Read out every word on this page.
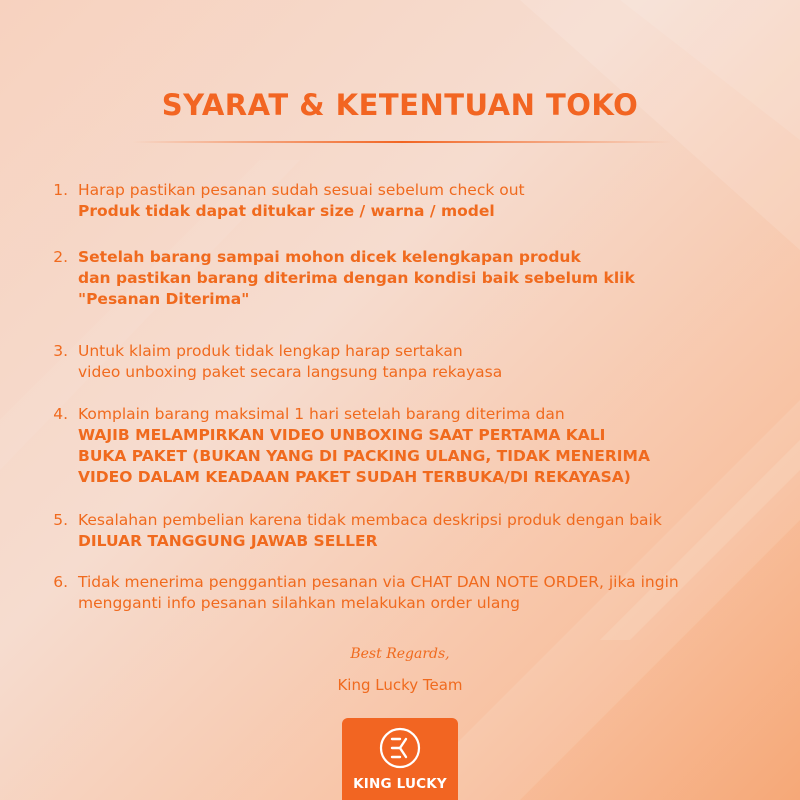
SYARAT & KETENTUAN TOKO
1. Harap pastikan pesanan sudah sesuai sebelum check out
Produk tidak dapat ditukar size / warna / model
2. Setelah barang sampai mohon dicek kelengkapan produk
dan pastikan barang diterima dengan kondisi baik sebelum klik
"Pesanan Diterima"
3. Untuk klaim produk tidak lengkap harap sertakan
video unboxing paket secara langsung tanpa rekayasa
4. Komplain barang maksimal 1 hari setelah barang diterima dan
WAJIB MELAMPIRKAN VIDEO UNBOXING SAAT PERTAMA KALI
BUKA PAKET (BUKAN YANG DI PACKING ULANG, TIDAK MENERIMA
VIDEO DALAM KEADAAN PAKET SUDAH TERBUKA/DI REKAYASA)
5. Kesalahan pembelian karena tidak membaca deskripsi produk dengan baik
DILUAR TANGGUNG JAWAB SELLER
6. Tidak menerima penggantian pesanan via CHAT DAN NOTE ORDER, jika ingin
mengganti info pesanan silahkan melakukan order ulang
Best Regards,
King Lucky Team
KING LUCKY
